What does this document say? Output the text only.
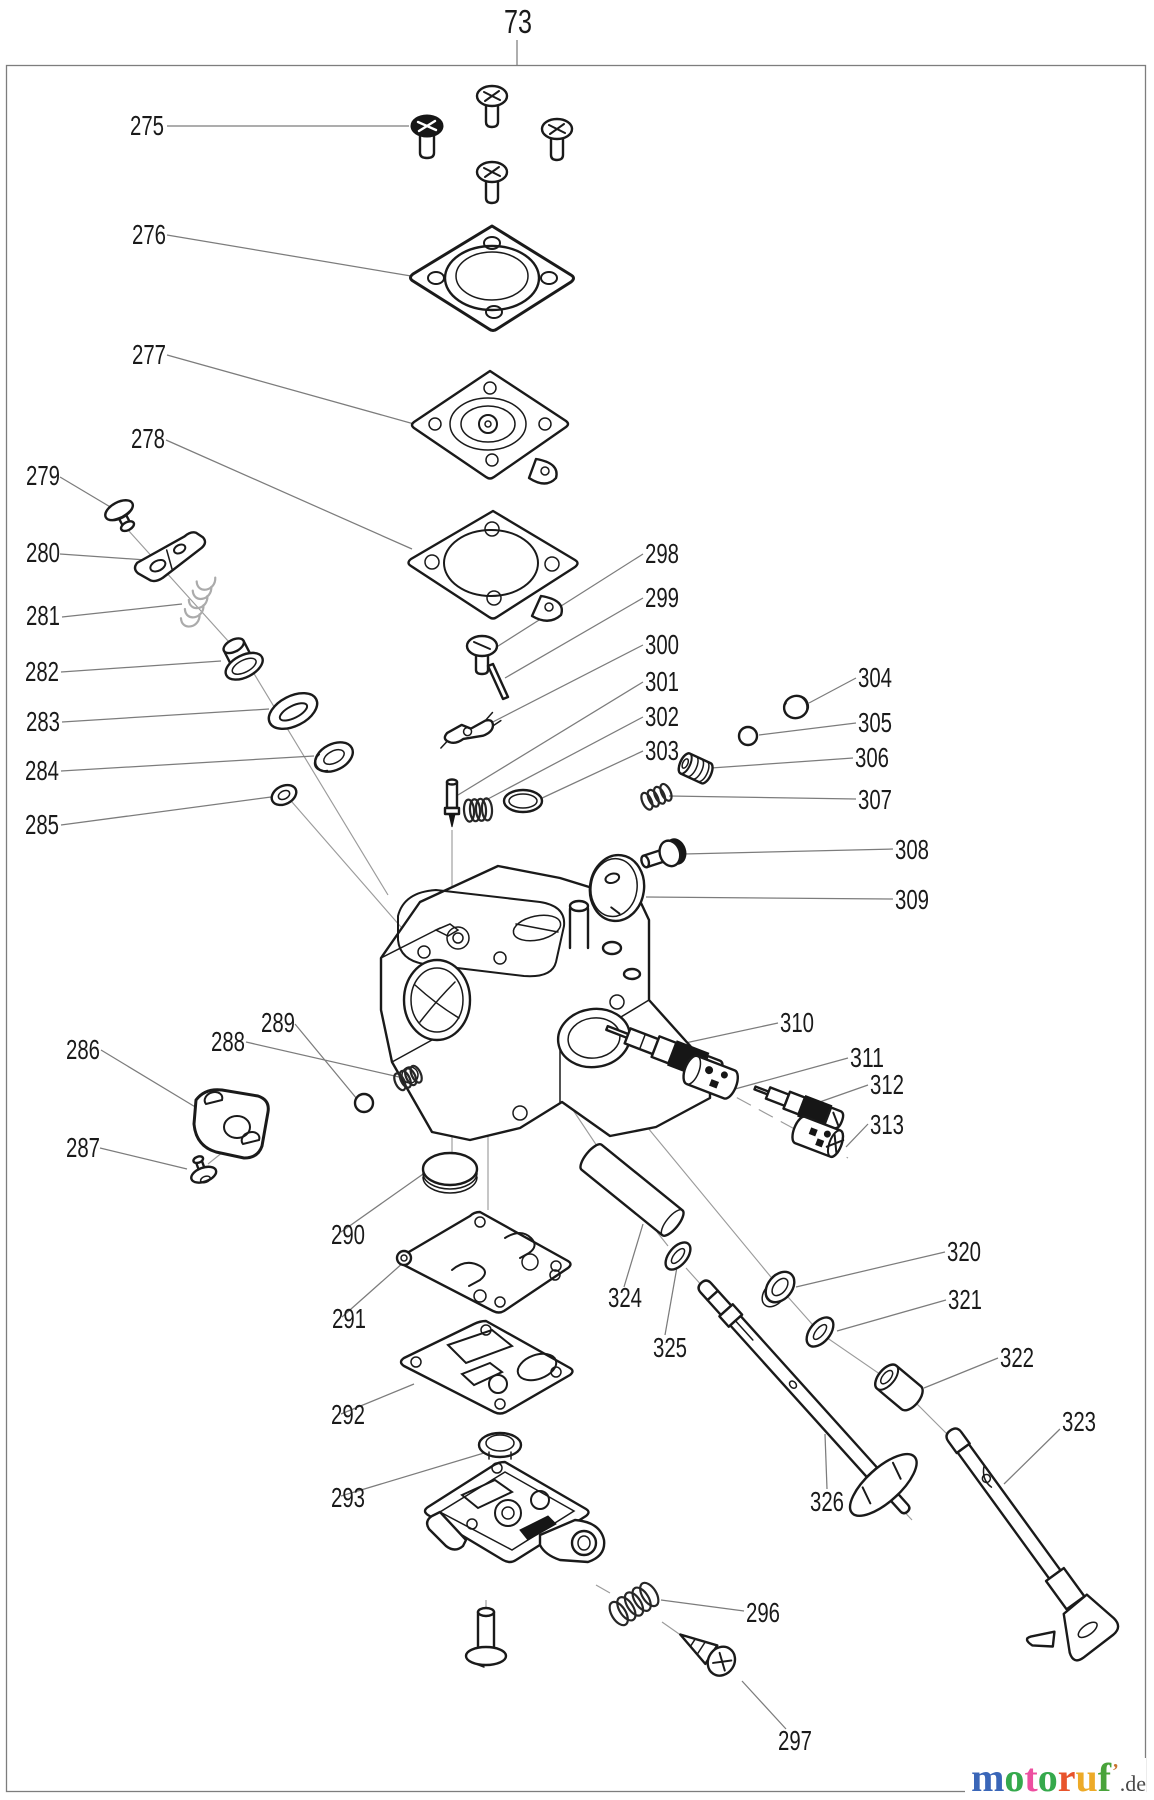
73
275
276
277
278
279
280
281
282
283
284
285
286
287
288
289
290
291
292
293
296
297
298
299
300
301
302
303
304
305
306
307
308
309
310
311
312
313
320
321
322
323
324
325
326
motoruf’.de
